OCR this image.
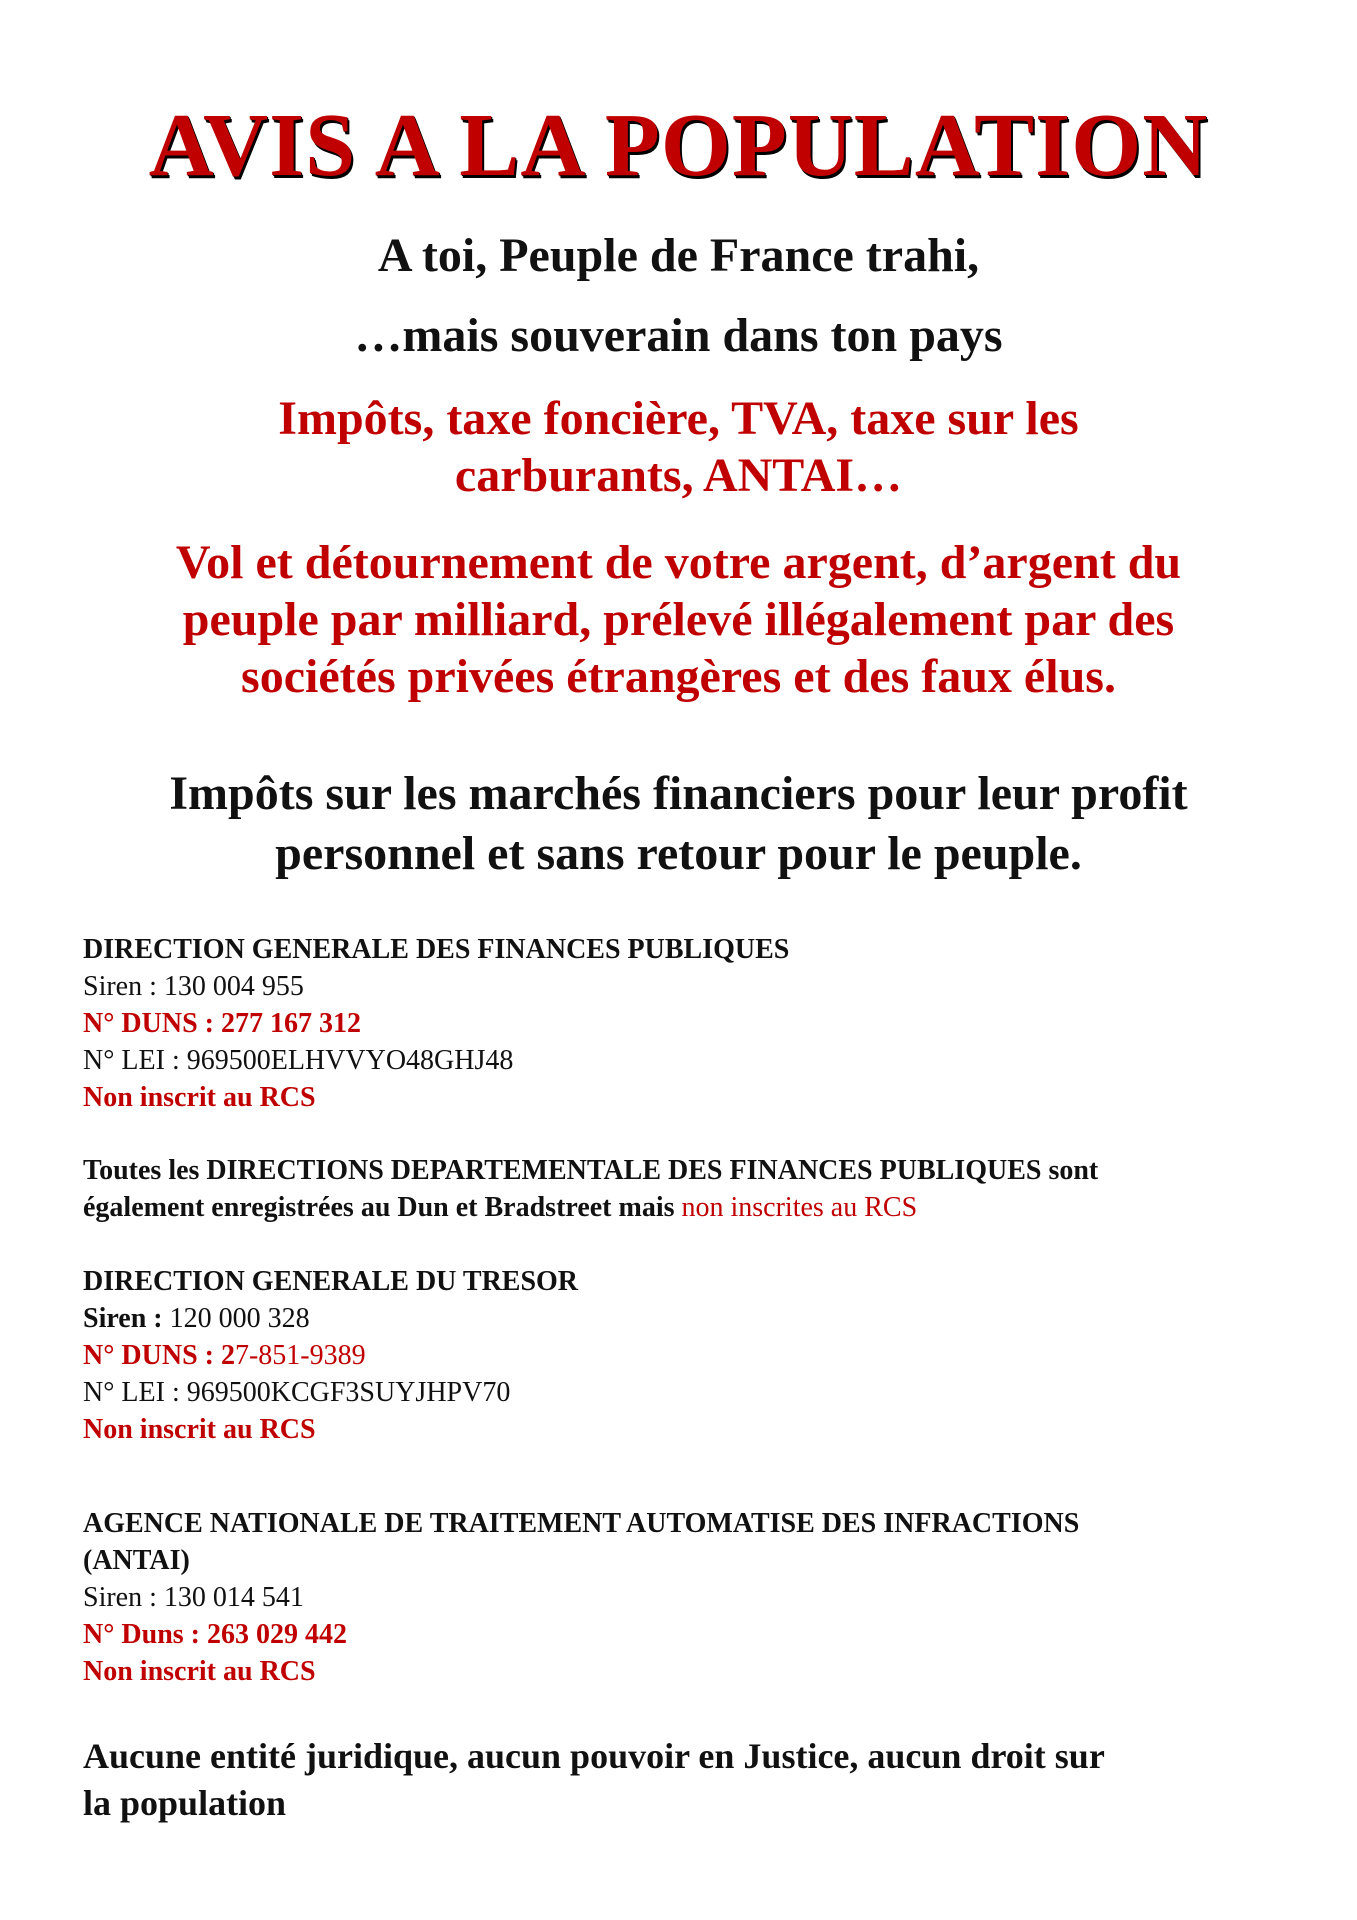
AVIS A LA POPULATION
A toi, Peuple de France trahi,
…mais souverain dans ton pays
Impôts, taxe foncière, TVA, taxe sur les
carburants, ANTAI…
Vol et détournement de votre argent, d’argent du
peuple par milliard, prélevé illégalement par des
sociétés privées étrangères et des faux élus.
Impôts sur les marchés financiers pour leur profit
personnel et sans retour pour le peuple.
DIRECTION GENERALE DES FINANCES PUBLIQUES
Siren : 130 004 955
N° DUNS : 277 167 312
N° LEI : 969500ELHVVYO48GHJ48
Non inscrit au RCS
Toutes les DIRECTIONS DEPARTEMENTALE DES FINANCES PUBLIQUES sont
également enregistrées au Dun et Bradstreet mais non inscrites au RCS
DIRECTION GENERALE DU TRESOR
Siren : 120 000 328
N° DUNS : 27-851-9389
N° LEI : 969500KCGF3SUYJHPV70
Non inscrit au RCS
AGENCE NATIONALE DE TRAITEMENT AUTOMATISE DES INFRACTIONS
(ANTAI)
Siren : 130 014 541
N° Duns : 263 029 442
Non inscrit au RCS
Aucune entité juridique, aucun pouvoir en Justice, aucun droit sur
la population
